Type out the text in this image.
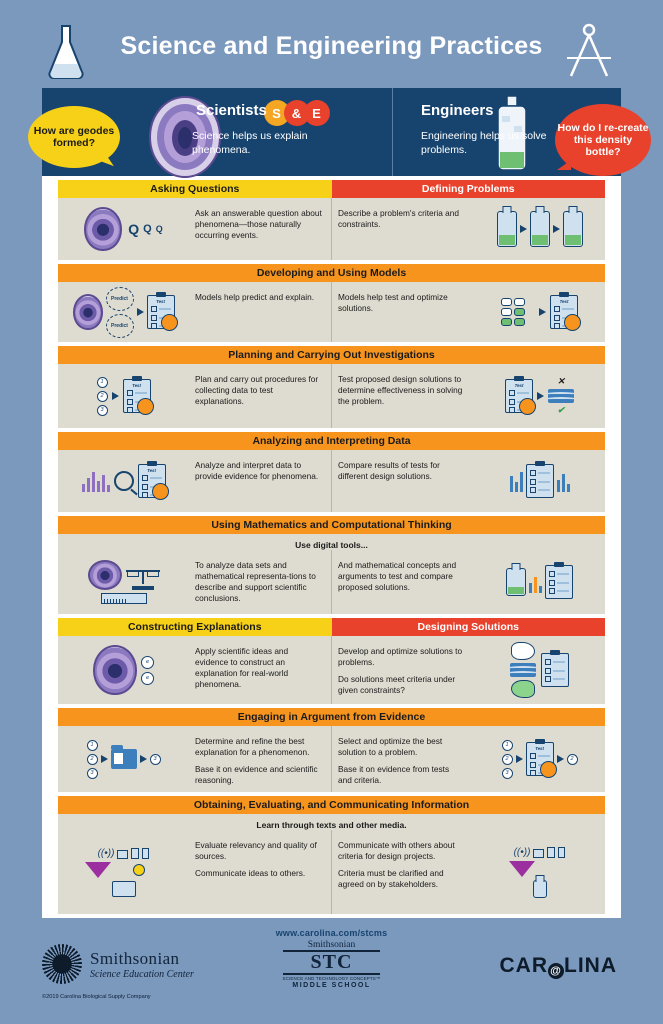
Science and Engineering Practices
How are geodes formed?
How do I re-create this density bottle?
S & E
Scientists

Science helps us explain phenomena.

Engineers

Engineering helps us solve problems.

Asking Questions	Defining Problems
Q Q Q

Ask an answerable question about phenomena—those naturally occurring events.

Describe a problem's criteria and constraints.

Developing and Using Models
Predict
Predict
Test	Models help predict and explain.	Models help test and optimize solutions.

Test
Planning and Carrying Out Investigations
1
2
3
Test

Plan and carry out procedures for collecting data to test explanations.

Test proposed design solutions to determine effectiveness in solving the problem.

Test	✕
✔
Analyzing and Interpreting Data
Test

Analyze and interpret data to provide evidence for phenomena.

Compare results of tests for different design solutions.

Using Mathematics and Computational Thinking
Use digital tools...

To analyze data sets and mathematical representa-tions to describe and support scientific conclusions.

And mathematical concepts and arguments to test and compare proposed solutions.

Constructing Explanations	Designing Solutions
e
e

Apply scientific ideas and evidence to construct an explanation for real-world phenomena.

Develop and optimize solutions to problems.

Do solutions meet criteria under given constraints?

Engaging in Argument from Evidence
1
2
3
3

Determine and refine the best explanation for a phenomenon.

Base it on evidence and scientific reasoning.

Select and optimize the best solution to a problem.

Base it on evidence from tests and criteria.

1
2
3
Test
2
Obtaining, Evaluating, and Communicating Information
Learn through texts and other media.
((•))

Evaluate relevancy and quality of sources.

Communicate ideas to others.

Communicate with others about criteria for design projects.

Criteria must be clarified and agreed on by stakeholders.

((•))
www.carolina.com/stcms
Smithsonian
Science Education Center
©2019 Carolina Biological Supply Company
Smithsonian
STC
SCIENCE AND TECHNOLOGY CONCEPTS™
MIDDLE SCHOOL
CAR @ LINA
